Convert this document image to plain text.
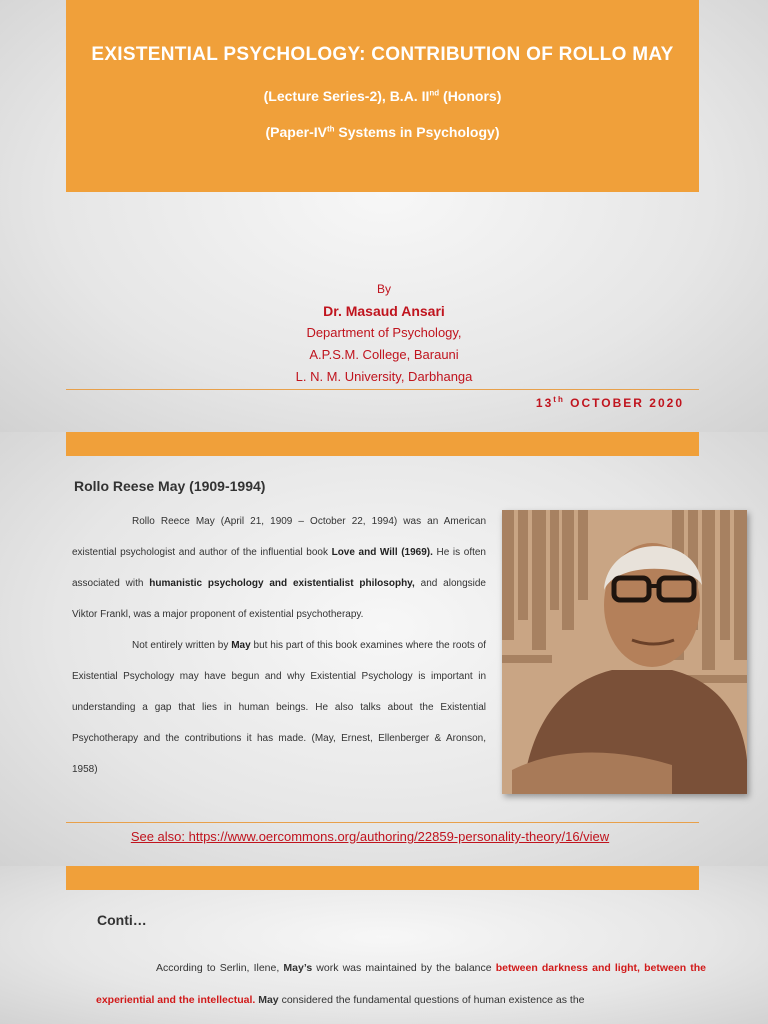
EXISTENTIAL PSYCHOLOGY: CONTRIBUTION OF ROLLO MAY
(Lecture Series-2), B.A. IInd (Honors)
(Paper-IVth Systems in Psychology)
By
Dr. Masaud Ansari
Department of Psychology,
A.P.S.M. College, Barauni
L. N. M. University, Darbhanga
13th OCTOBER 2020
Rollo Reese May (1909-1994)

Rollo Reece May (April 21, 1909 – October 22, 1994) was an American existential psychologist and author of the influential book Love and Will (1969). He is often associated with humanistic psychology and existentialist philosophy, and alongside Viktor Frankl, was a major proponent of existential psychotherapy.

Not entirely written by May but his part of this book examines where the roots of Existential Psychology may have begun and why Existential Psychology is important in understanding a gap that lies in human beings. He also talks about the Existential Psychotherapy and the contributions it has made. (May, Ernest, Ellenberger & Aronson, 1958)

See also: https://www.oercommons.org/authoring/22859-personality-theory/16/view
Conti…

According to Serlin, Ilene, May’s work was maintained by the balance between darkness and light, between the experiential and the intellectual. May considered the fundamental questions of human existence as the
